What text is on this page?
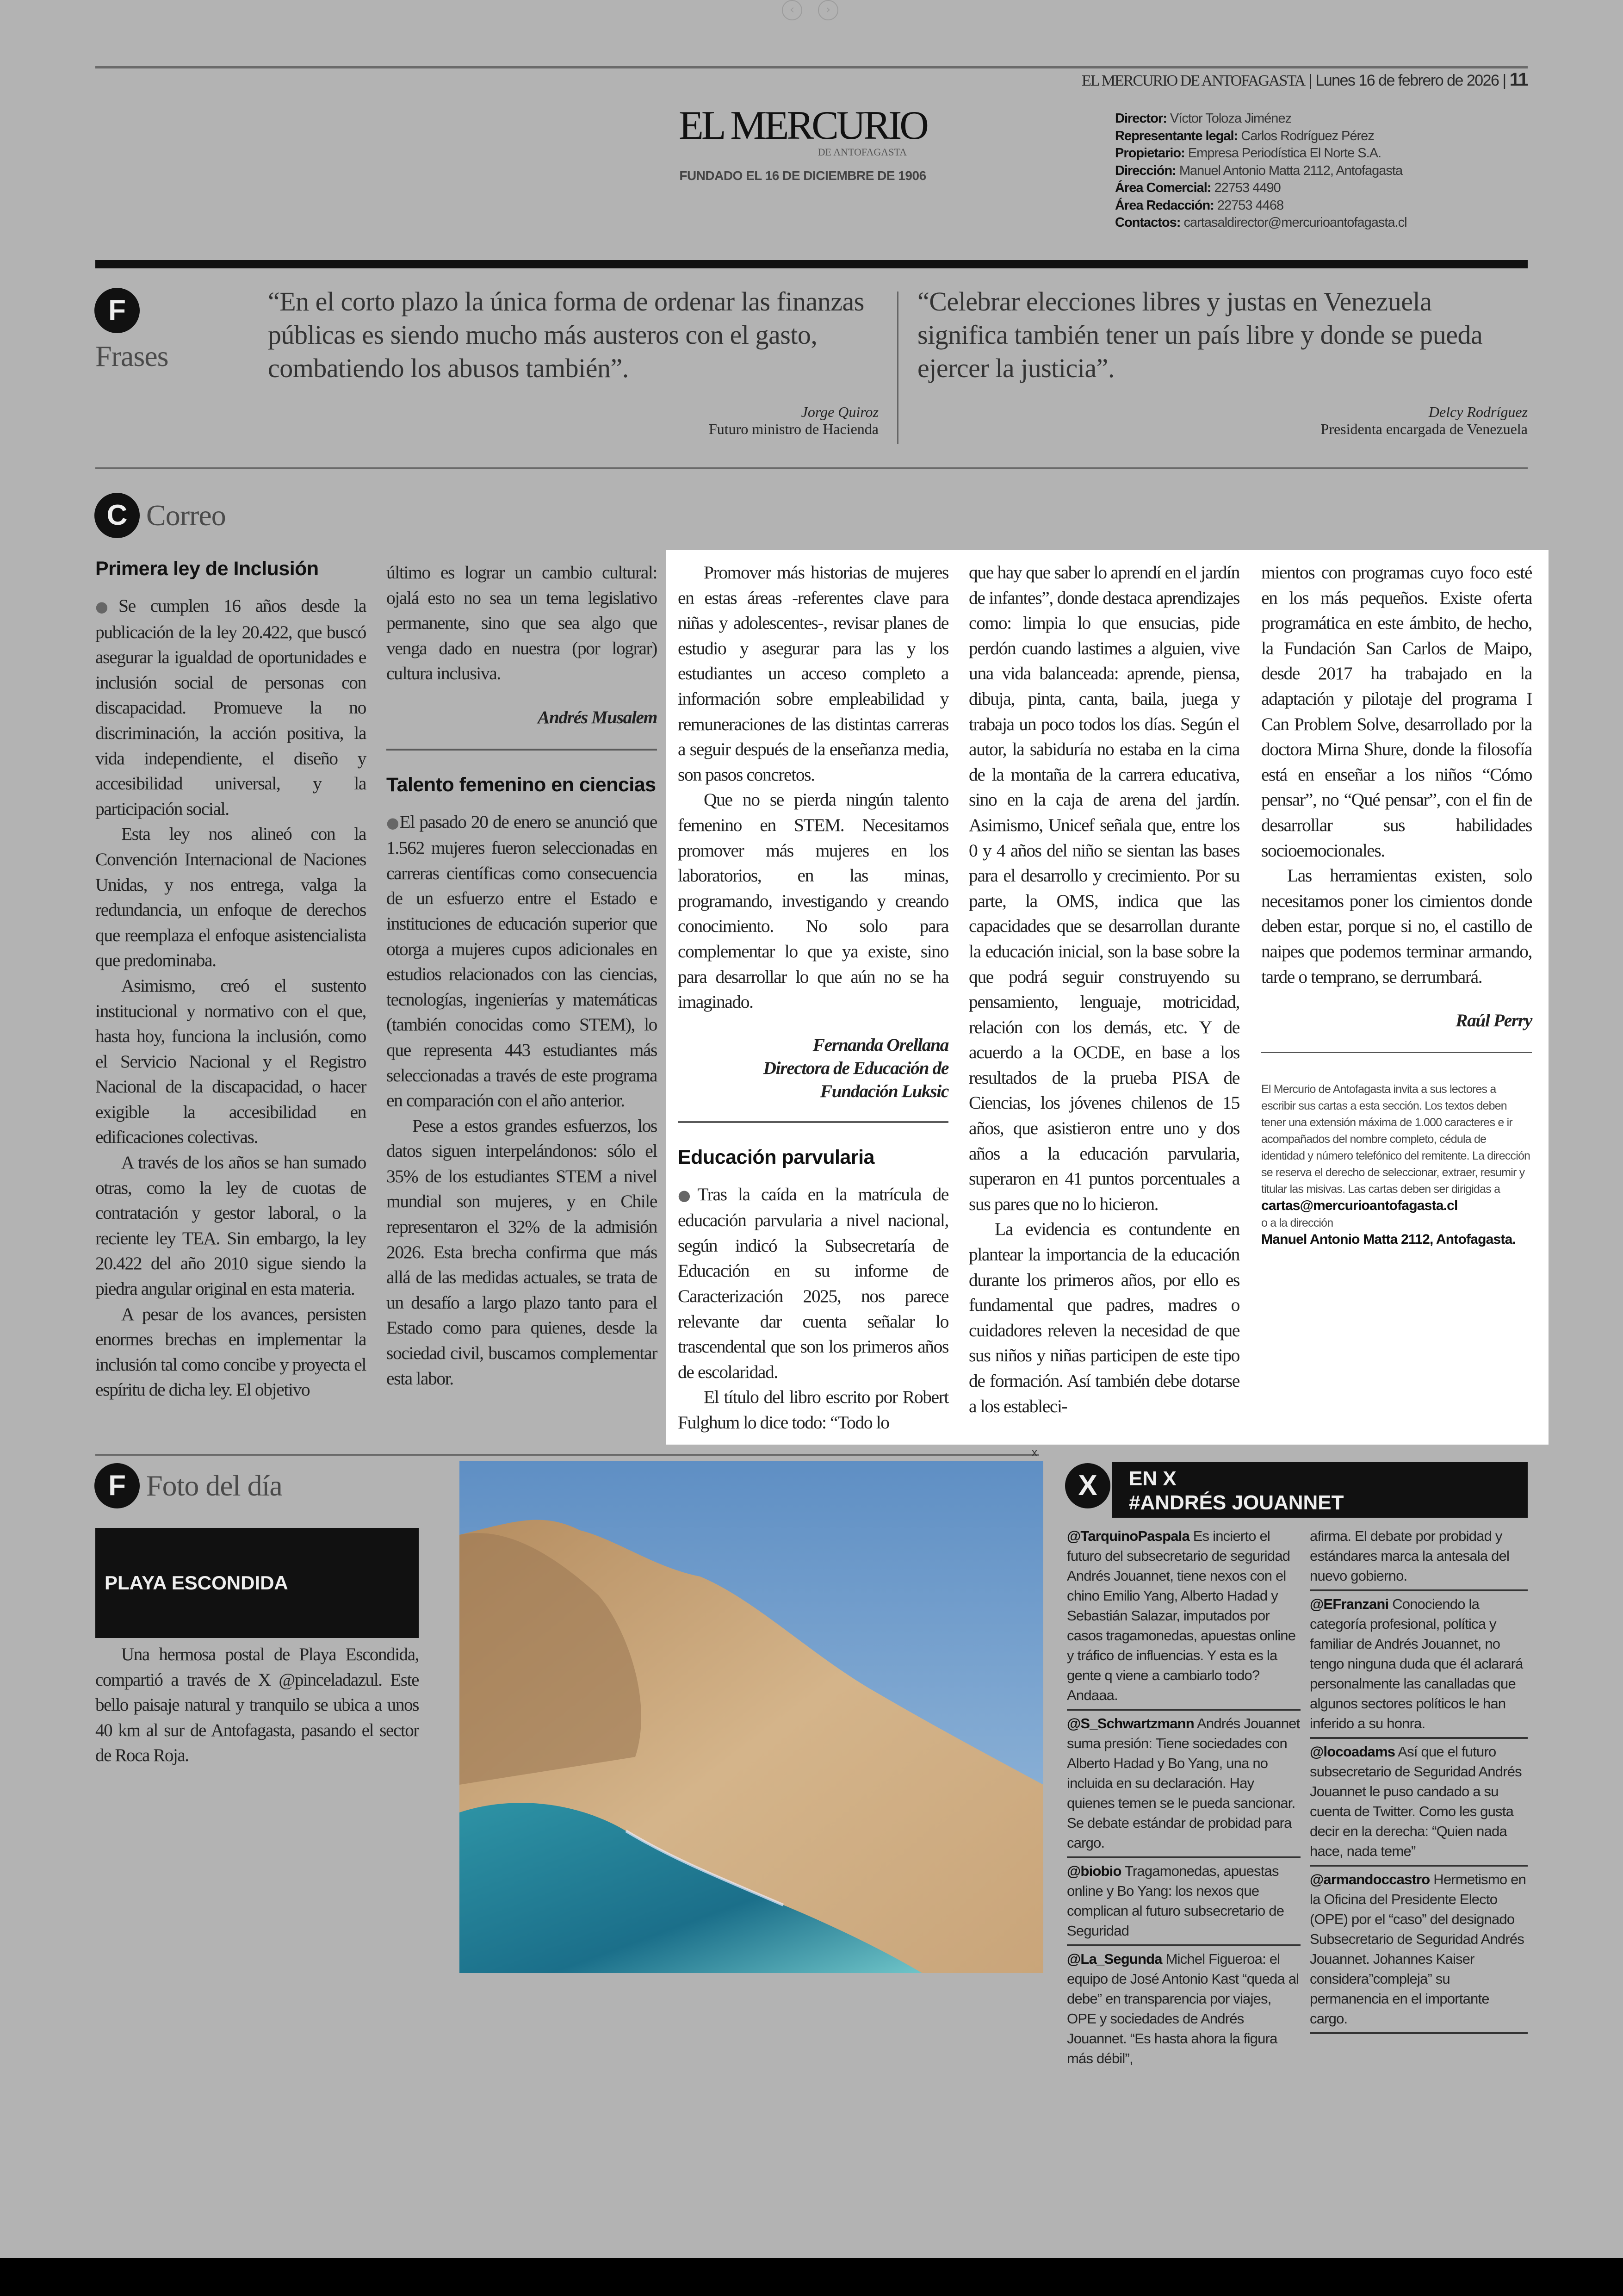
‹	›
EL MERCURIO DE ANTOFAGASTA | Lunes 16 de febrero de 2026 | 11
EL MERCURIO
DE ANTOFAGASTA
FUNDADO EL 16 DE DICIEMBRE DE 1906
Director: Víctor Toloza Jiménez
Representante legal: Carlos Rodríguez Pérez
Propietario: Empresa Periodística El Norte S.A.
Dirección: Manuel Antonio Matta 2112, Antofagasta
Área Comercial: 22753 4490
Área Redacción: 22753 4468
Contactos: cartasaldirector@mercurioantofagasta.cl
F
Frases
“En el corto plazo la única forma de ordenar las finanzas públicas es siendo mucho más austeros con el gasto, combatiendo los abusos también”.
Jorge Quiroz
Futuro ministro de Hacienda
“Celebrar elecciones libres y justas en Venezuela significa también tener un país libre y donde se pueda ejercer la justicia”.
Delcy Rodríguez
Presidenta encargada de Venezuela
C Correo
Primera ley de Inclusión

●Se cumplen 16 años desde la publicación de la ley 20.422, que buscó asegurar la igualdad de oportunidades e inclusión social de personas con discapacidad. Promueve la no discriminación, la acción positiva, la vida independiente, el diseño y accesibilidad universal, y la participación social.

Esta ley nos alineó con la Convención Internacional de Naciones Unidas, y nos entrega, valga la redundancia, un enfoque de derechos que reemplaza el enfoque asistencialista que predominaba.

Asimismo, creó el sustento institucional y normativo con el que, hasta hoy, funciona la inclusión, como el Servicio Nacional y el Registro Nacional de la discapacidad, o hacer exigible la accesibilidad en edificaciones colectivas.

A través de los años se han sumado otras, como la ley de cuotas de contratación y gestor laboral, o la reciente ley TEA. Sin embargo, la ley 20.422 del año 2010 sigue siendo la piedra angular original en esta materia.

A pesar de los avances, persisten enormes brechas en implementar la inclusión tal como concibe y proyecta el espíritu de dicha ley. El objetivo

último es lograr un cambio cultural: ojalá esto no sea un tema legislativo permanente, sino que sea algo que venga dado en nuestra (por lograr) cultura inclusiva.

Andrés Musalem
Talento femenino en ciencias

●El pasado 20 de enero se anunció que 1.562 mujeres fueron seleccionadas en carreras científicas como consecuencia de un esfuerzo entre el Estado e instituciones de educación superior que otorga a mujeres cupos adicionales en estudios relacionados con las ciencias, tecnologías, ingenierías y matemáticas (también conocidas como STEM), lo que representa 443 estudiantes más seleccionadas a través de este programa en comparación con el año anterior.

Pese a estos grandes esfuerzos, los datos siguen interpelándonos: sólo el 35% de los estudiantes STEM a nivel mundial son mujeres, y en Chile representaron el 32% de la admisión 2026. Esta brecha confirma que más allá de las medidas actuales, se trata de un desafío a largo plazo tanto para el Estado como para quienes, desde la sociedad civil, buscamos complementar esta labor.

Promover más historias de mujeres en estas áreas -referentes clave para niñas y adolescentes-, revisar planes de estudio y asegurar para las y los estudiantes un acceso completo a información sobre empleabilidad y remuneraciones de las distintas carreras a seguir después de la enseñanza media, son pasos concretos.

Que no se pierda ningún talento femenino en STEM. Necesitamos promover más mujeres en los laboratorios, en las minas, programando, investigando y creando conocimiento. No solo para complementar lo que ya existe, sino para desarrollar lo que aún no se ha imaginado.

Fernanda Orellana
Directora de Educación de
Fundación Luksic
Educación parvularia

●Tras la caída en la matrícula de educación parvularia a nivel nacional, según indicó la Subsecretaría de Educación en su informe de Caracterización 2025, nos parece relevante dar cuenta señalar lo trascendental que son los primeros años de escolaridad.

El título del libro escrito por Robert Fulghum lo dice todo: “Todo lo

que hay que saber lo aprendí en el jardín de infantes”, donde destaca aprendizajes como: limpia lo que ensucias, pide perdón cuando lastimes a alguien, vive una vida balanceada: aprende, piensa, dibuja, pinta, canta, baila, juega y trabaja un poco todos los días. Según el autor, la sabiduría no estaba en la cima de la montaña de la carrera educativa, sino en la caja de arena del jardín. Asimismo, Unicef señala que, entre los 0 y 4 años del niño se sientan las bases para el desarrollo y crecimiento. Por su parte, la OMS, indica que las capacidades que se desarrollan durante la educación inicial, son la base sobre la que podrá seguir construyendo su pensamiento, lenguaje, motricidad, relación con los demás, etc. Y de acuerdo a la OCDE, en base a los resultados de la prueba PISA de Ciencias, los jóvenes chilenos de 15 años, que asistieron entre uno y dos años a la educación parvularia, superaron en 41 puntos porcentuales a sus pares que no lo hicieron.

La evidencia es contundente en plantear la importancia de la educación durante los primeros años, por ello es fundamental que padres, madres o cuidadores releven la necesidad de que sus niños y niñas participen de este tipo de formación. Así también debe dotarse a los estableci-

mientos con programas cuyo foco esté en los más pequeños. Existe oferta programática en este ámbito, de hecho, la Fundación San Carlos de Maipo, desde 2017 ha trabajado en la adaptación y pilotaje del programa I Can Problem Solve, desarrollado por la doctora Mirna Shure, donde la filosofía está en enseñar a los niños “Cómo pensar”, no “Qué pensar”, con el fin de desarrollar sus habilidades socioemocionales.

Las herramientas existen, solo necesitamos poner los cimientos donde deben estar, porque si no, el castillo de naipes que podemos terminar armando, tarde o temprano, se derrumbará.

Raúl Perry
El Mercurio de Antofagasta invita a sus lectores a escribir sus cartas a esta sección. Los textos deben tener una extensión máxima de 1.000 caracteres e ir acompañados del nombre completo, cédula de identidad y número telefónico del remitente. La dirección se reserva el derecho de seleccionar, extraer, resumir y titular las misivas. Las cartas deben ser dirigidas a
cartas@mercurioantofagasta.cl
o a la dirección
Manuel Antonio Matta 2112, Antofagasta.
F Foto del día
PLAYA ESCONDIDA

Una hermosa postal de Playa Escondida, compartió a través de X @pinceladazul. Este bello paisaje natural y tranquilo se ubica a unos 40 km al sur de Antofagasta, pasando el sector de Roca Roja.

x
X	EN X
#ANDRÉS JOUANNET
@TarquinoPaspala Es incierto el futuro del subsecretario de seguridad Andrés Jouannet, tiene nexos con el chino Emilio Yang, Alberto Hadad y Sebastián Salazar, imputados por casos tragamonedas, apuestas online y tráfico de influencias. Y esta es la gente q viene a cambiarlo todo? Andaaa.
@S_Schwartzmann Andrés Jouannet suma presión: Tiene sociedades con Alberto Hadad y Bo Yang, una no incluida en su declaración. Hay quienes temen se le pueda sancionar. Se debate estándar de probidad para cargo.
@biobio Tragamonedas, apuestas online y Bo Yang: los nexos que complican al futuro subsecretario de Seguridad
@La_Segunda Michel Figueroa: el equipo de José Antonio Kast “queda al debe” en transparencia por viajes, OPE y sociedades de Andrés Jouannet. “Es hasta ahora la figura más débil”,
afirma. El debate por probidad y estándares marca la antesala del nuevo gobierno.
@EFranzani Conociendo la categoría profesional, política y familiar de Andrés Jouannet, no tengo ninguna duda que él aclarará personalmente las canalladas que algunos sectores políticos le han inferido a su honra.
@locoadams Así que el futuro subsecretario de Seguridad Andrés Jouannet le puso candado a su cuenta de Twitter. Como les gusta decir en la derecha: “Quien nada hace, nada teme”
@armandoccastro Hermetismo en la Oficina del Presidente Electo (OPE) por el “caso” del designado Subsecretario de Seguridad Andrés Jouannet. Johannes Kaiser considera”compleja” su permanencia en el importante cargo.
